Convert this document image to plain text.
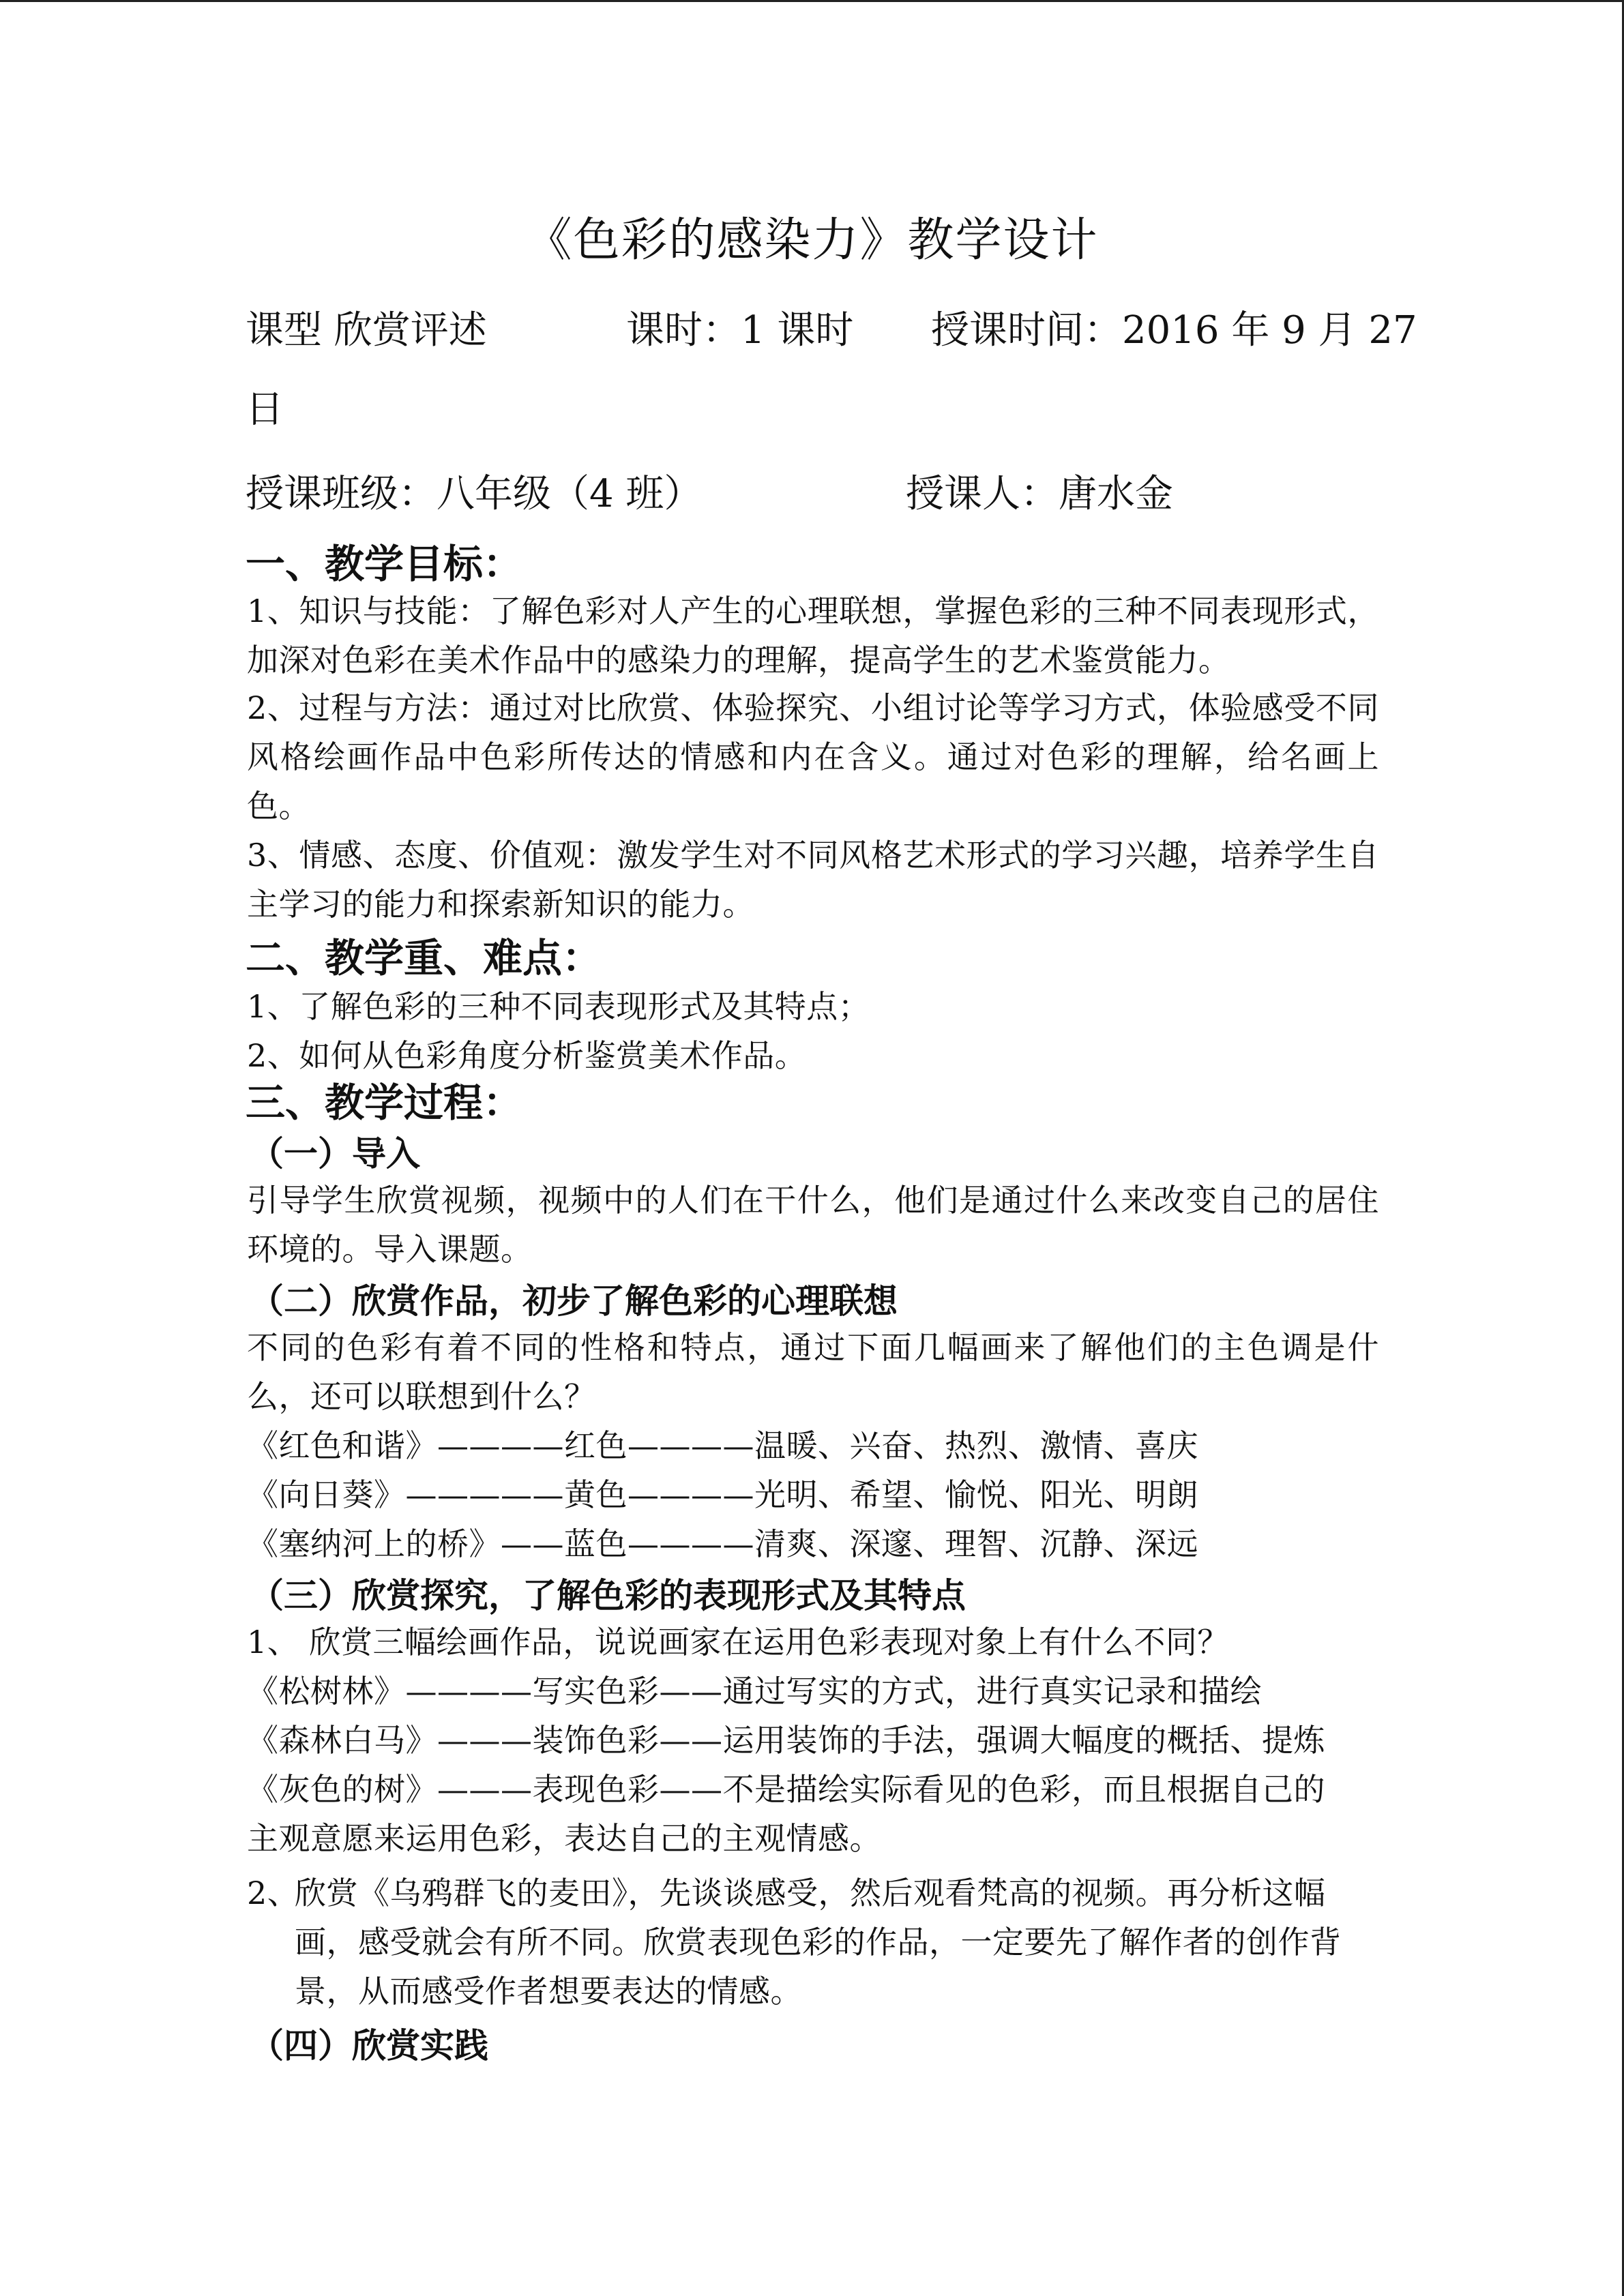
《色彩的感染力》教学设计
课型 欣赏评述	课时：1 课时 授课时间：2016 年 9 月 27
日
授课班级：八年级（4 班）	授课人：唐水金
一、教学目标：
1、知识与技能：了解色彩对人产生的心理联想，掌握色彩的三种不同表现形式，加深对色彩在美术作品中的感染力的理解，提高学生的艺术鉴赏能力。
2、过程与方法：通过对比欣赏、体验探究、小组讨论等学习方式，体验感受不同风格绘画作品中色彩所传达的情感和内在含义。通过对色彩的理解，给名画上色。
3、情感、态度、价值观：激发学生对不同风格艺术形式的学习兴趣，培养学生自主学习的能力和探索新知识的能力。
二、教学重、难点：
1、了解色彩的三种不同表现形式及其特点；
2、如何从色彩角度分析鉴赏美术作品。
三、教学过程：
（一）导入
引导学生欣赏视频，视频中的人们在干什么，他们是通过什么来改变自己的居住环境的。导入课题。
（二）欣赏作品，初步了解色彩的心理联想
不同的色彩有着不同的性格和特点，通过下面几幅画来了解他们的主色调是什么，还可以联想到什么？
《红色和谐》————红色————温暖、兴奋、热烈、激情、喜庆
《向日葵》—————黄色————光明、希望、愉悦、阳光、明朗
《塞纳河上的桥》——蓝色————清爽、深邃、理智、沉静、深远
（三）欣赏探究，了解色彩的表现形式及其特点
1、 欣赏三幅绘画作品，说说画家在运用色彩表现对象上有什么不同？
《松树林》————写实色彩——通过写实的方式，进行真实记录和描绘
《森林白马》———装饰色彩——运用装饰的手法，强调大幅度的概括、提炼
《灰色的树》———表现色彩——不是描绘实际看见的色彩，而且根据自己的
主观意愿来运用色彩，表达自己的主观情感。
2、
欣赏《乌鸦群飞的麦田》，先谈谈感受，然后观看梵高的视频。再分析这幅
画，感受就会有所不同。欣赏表现色彩的作品，一定要先了解作者的创作背
景，从而感受作者想要表达的情感。
（四）欣赏实践
